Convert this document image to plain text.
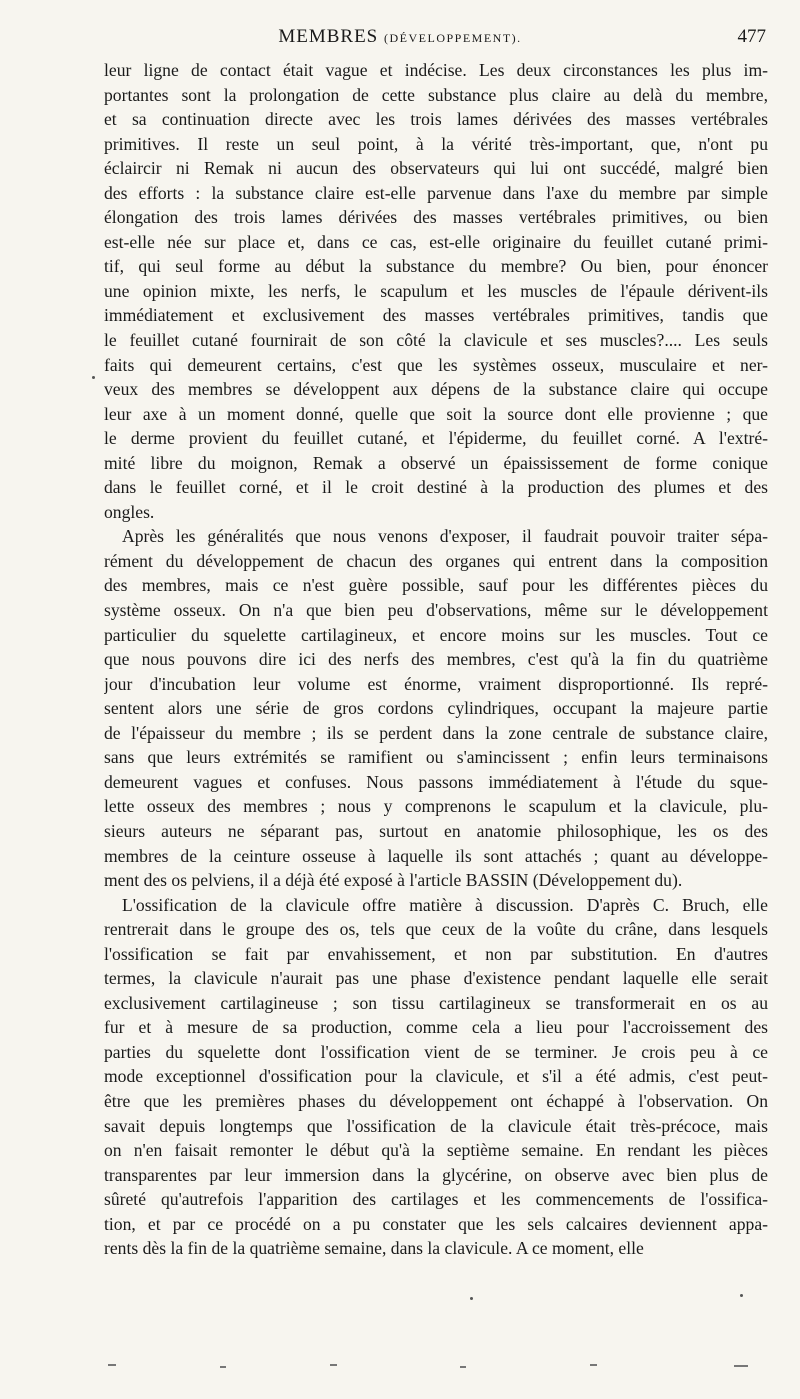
MEMBRES (DÉVELOPPEMENT).	477
leur ligne de contact était vague et indécise. Les deux circonstances les plus im-
portantes sont la prolongation de cette substance plus claire au delà du membre,
et sa continuation directe avec les trois lames dérivées des masses vertébrales
primitives. Il reste un seul point, à la vérité très-important, que, n'ont pu
éclaircir ni Remak ni aucun des observateurs qui lui ont succédé, malgré bien
des efforts : la substance claire est-elle parvenue dans l'axe du membre par simple
élongation des trois lames dérivées des masses vertébrales primitives, ou bien
est-elle née sur place et, dans ce cas, est-elle originaire du feuillet cutané primi-
tif, qui seul forme au début la substance du membre? Ou bien, pour énoncer
une opinion mixte, les nerfs, le scapulum et les muscles de l'épaule dérivent-ils
immédiatement et exclusivement des masses vertébrales primitives, tandis que
le feuillet cutané fournirait de son côté la clavicule et ses muscles?.... Les seuls
faits qui demeurent certains, c'est que les systèmes osseux, musculaire et ner-
veux des membres se développent aux dépens de la substance claire qui occupe
leur axe à un moment donné, quelle que soit la source dont elle provienne ; que
le derme provient du feuillet cutané, et l'épiderme, du feuillet corné. A l'extré-
mité libre du moignon, Remak a observé un épaississement de forme conique
dans le feuillet corné, et il le croit destiné à la production des plumes et des
ongles.
Après les généralités que nous venons d'exposer, il faudrait pouvoir traiter sépa-
rément du développement de chacun des organes qui entrent dans la composition
des membres, mais ce n'est guère possible, sauf pour les différentes pièces du
système osseux. On n'a que bien peu d'observations, même sur le développement
particulier du squelette cartilagineux, et encore moins sur les muscles. Tout ce
que nous pouvons dire ici des nerfs des membres, c'est qu'à la fin du quatrième
jour d'incubation leur volume est énorme, vraiment disproportionné. Ils repré-
sentent alors une série de gros cordons cylindriques, occupant la majeure partie
de l'épaisseur du membre ; ils se perdent dans la zone centrale de substance claire,
sans que leurs extrémités se ramifient ou s'amincissent ; enfin leurs terminaisons
demeurent vagues et confuses. Nous passons immédiatement à l'étude du sque-
lette osseux des membres ; nous y comprenons le scapulum et la clavicule, plu-
sieurs auteurs ne séparant pas, surtout en anatomie philosophique, les os des
membres de la ceinture osseuse à laquelle ils sont attachés ; quant au développe-
ment des os pelviens, il a déjà été exposé à l'article BASSIN (Développement du).
L'ossification de la clavicule offre matière à discussion. D'après C. Bruch, elle
rentrerait dans le groupe des os, tels que ceux de la voûte du crâne, dans lesquels
l'ossification se fait par envahissement, et non par substitution. En d'autres
termes, la clavicule n'aurait pas une phase d'existence pendant laquelle elle serait
exclusivement cartilagineuse ; son tissu cartilagineux se transformerait en os au
fur et à mesure de sa production, comme cela a lieu pour l'accroissement des
parties du squelette dont l'ossification vient de se terminer. Je crois peu à ce
mode exceptionnel d'ossification pour la clavicule, et s'il a été admis, c'est peut-
être que les premières phases du développement ont échappé à l'observation. On
savait depuis longtemps que l'ossification de la clavicule était très-précoce, mais
on n'en faisait remonter le début qu'à la septième semaine. En rendant les pièces
transparentes par leur immersion dans la glycérine, on observe avec bien plus de
sûreté qu'autrefois l'apparition des cartilages et les commencements de l'ossifica-
tion, et par ce procédé on a pu constater que les sels calcaires deviennent appa-
rents dès la fin de la quatrième semaine, dans la clavicule. A ce moment, elle
